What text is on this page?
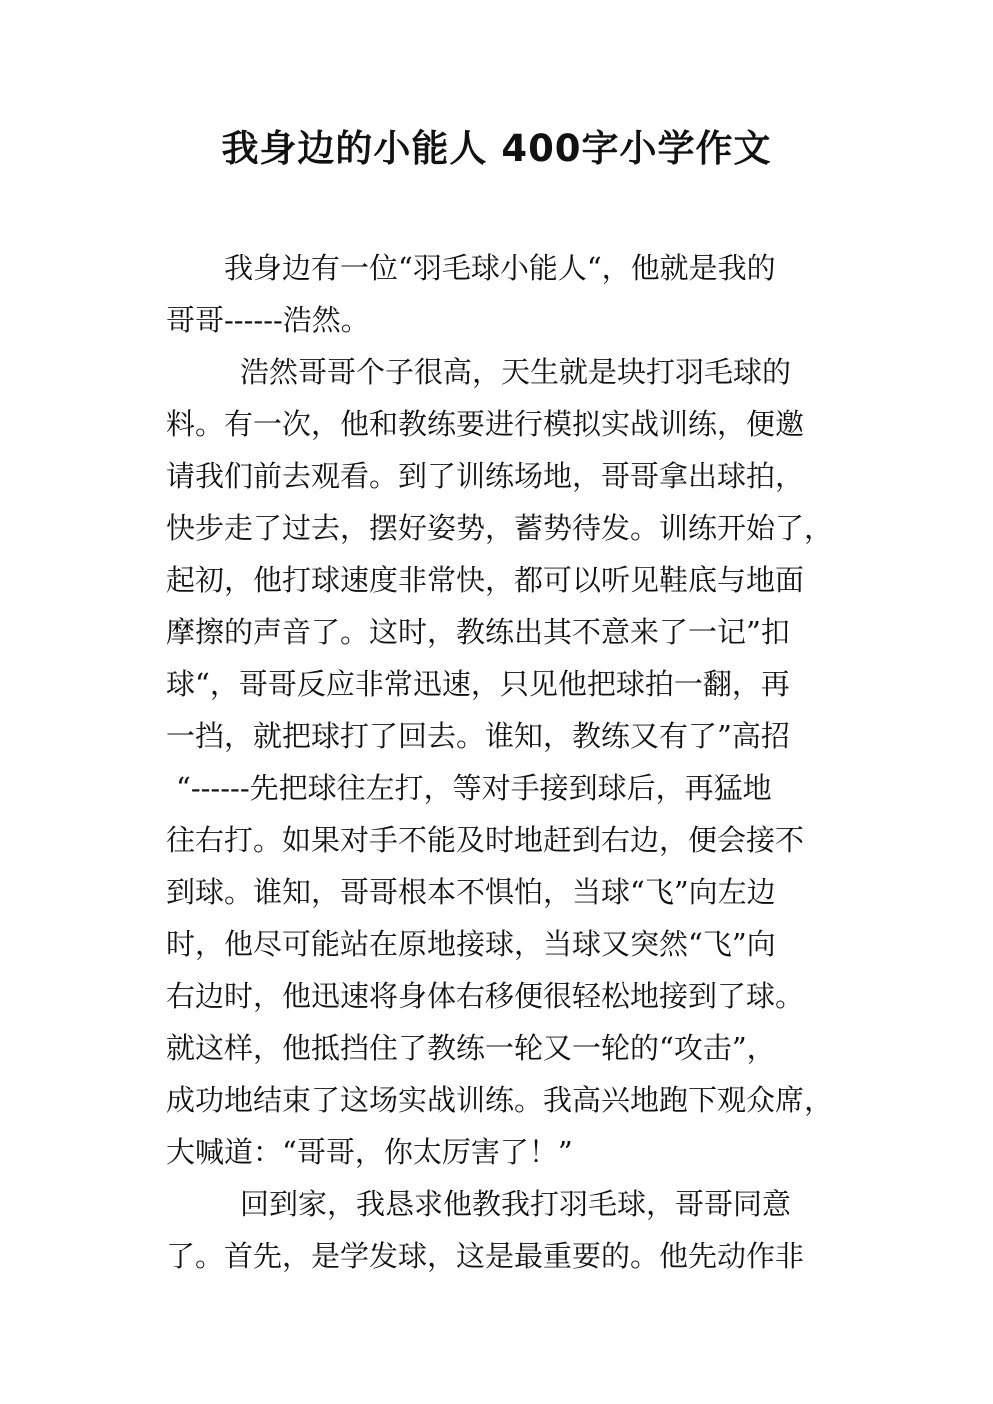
我身边的小能人 400字小学作文

我身边有一位“羽毛球小能人“，他就是我的

哥哥------浩然。

浩然哥哥个子很高，天生就是块打羽毛球的

料。有一次，他和教练要进行模拟实战训练，便邀

请我们前去观看。到了训练场地，哥哥拿出球拍，

快步走了过去，摆好姿势，蓄势待发。训练开始了，

起初，他打球速度非常快，都可以听见鞋底与地面

摩擦的声音了。这时，教练出其不意来了一记”扣

球“，哥哥反应非常迅速，只见他把球拍一翻，再

一挡，就把球打了回去。谁知，教练又有了”高招

“------先把球往左打，等对手接到球后，再猛地

往右打。如果对手不能及时地赶到右边，便会接不

到球。谁知，哥哥根本不惧怕，当球“飞”向左边

时，他尽可能站在原地接球，当球又突然“飞”向

右边时，他迅速将身体右移便很轻松地接到了球。

就这样，他抵挡住了教练一轮又一轮的“攻击”，

成功地结束了这场实战训练。我高兴地跑下观众席，

大喊道：“哥哥，你太厉害了！”

回到家，我恳求他教我打羽毛球，哥哥同意

了。首先，是学发球，这是最重要的。他先动作非
